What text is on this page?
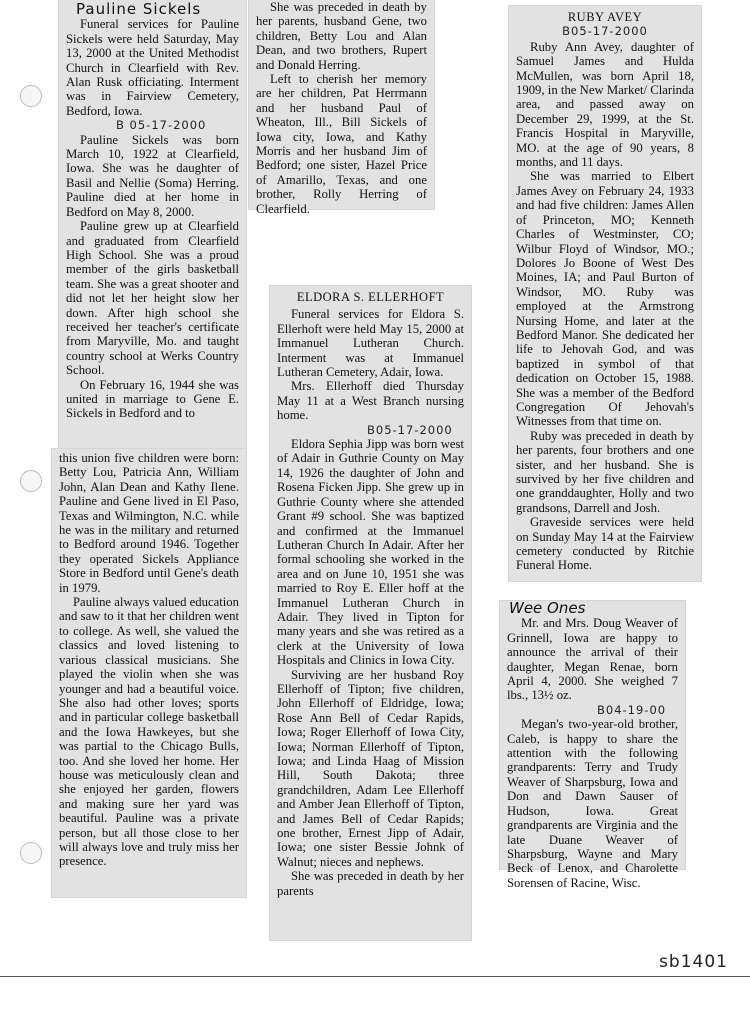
Pauline Sickels

Funeral services for Pauline Sickels were held Saturday, May 13, 2000 at the United Methodist Church in Clearfield with Rev. Alan Rusk officiating. Interment was in Fairview Cemetery, Bedford, Iowa.

B 05-17-2000

Pauline Sickels was born March 10, 1922 at Clearfield, Iowa. She was he daughter of Basil and Nellie (Soma) Herring. Pauline died at her home in Bedford on May 8, 2000.

Pauline grew up at Clearfield and graduated from Clearfield High School. She was a proud member of the girls basketball team. She was a great shooter and did not let her height slow her down. After high school she received her teacher's certificate from Maryville, Mo. and taught country school at Werks Country School.

On February 16, 1944 she was united in marriage to Gene E. Sickels in Bedford and to

this union five children were born: Betty Lou, Patricia Ann, William John, Alan Dean and Kathy Ilene. Pauline and Gene lived in El Paso, Texas and Wilmington, N.C. while he was in the military and returned to Bedford around 1946. Together they operated Sickels Appliance Store in Bedford until Gene's death in 1979.

Pauline always valued education and saw to it that her children went to college. As well, she valued the classics and loved listening to various classical musicians. She played the violin when she was younger and had a beautiful voice. She also had other loves; sports and in particular college basketball and the Iowa Hawkeyes, but she was partial to the Chicago Bulls, too. And she loved her home. Her house was meticulously clean and she enjoyed her garden, flowers and making sure her yard was beautiful. Pauline was a private person, but all those close to her will always love and truly miss her presence.

She was preceded in death by her parents, husband Gene, two children, Betty Lou and Alan Dean, and two brothers, Rupert and Donald Herring.

Left to cherish her memory are her children, Pat Herrmann and her husband Paul of Wheaton, Ill., Bill Sickels of Iowa city, Iowa, and Kathy Morris and her husband Jim of Bedford; one sister, Hazel Price of Amarillo, Texas, and one brother, Rolly Herring of Clearfield.

ELDORA S. ELLERHOFT

Funeral services for Eldora S. Ellerhoft were held May 15, 2000 at Immanuel Lutheran Church. Interment was at Immanuel Lutheran Cemetery, Adair, Iowa.

Mrs. Ellerhoff died Thursday May 11 at a West Branch nursing home.

B05-17-2000

Eldora Sephia Jipp was born west of Adair in Guthrie County on May 14, 1926 the daughter of John and Rosena Ficken Jipp. She grew up in Guthrie County where she attended Grant #9 school. She was baptized and confirmed at the Immanuel Lutheran Church In Adair. After her formal schooling she worked in the area and on June 10, 1951 she was married to Roy E. Eller hoff at the Immanuel Lutheran Church in Adair. They lived in Tipton for many years and she was retired as a clerk at the University of Iowa Hospitals and Clinics in Iowa City.

Surviving are her husband Roy Ellerhoff of Tipton; five children, John Ellerhoff of Eldridge, Iowa; Rose Ann Bell of Cedar Rapids, Iowa; Roger Ellerhoff of Iowa City, Iowa; Norman Ellerhoff of Tipton, Iowa; and Linda Haag of Mission Hill, South Dakota; three grandchildren, Adam Lee Ellerhoff and Amber Jean Ellerhoff of Tipton, and James Bell of Cedar Rapids; one brother, Ernest Jipp of Adair, Iowa; one sister Bessie Johnk of Walnut; nieces and nephews.

She was preceded in death by her parents

RUBY AVEY

B05-17-2000

Ruby Ann Avey, daughter of Samuel James and Hulda McMullen, was born April 18, 1909, in the New Market/ Clarinda area, and passed away on December 29, 1999, at the St. Francis Hospital in Maryville, MO. at the age of 90 years, 8 months, and 11 days.

She was married to Elbert James Avey on February 24, 1933 and had five children: James Allen of Princeton, MO; Kenneth Charles of Westminster, CO; Wilbur Floyd of Windsor, MO.; Dolores Jo Boone of West Des Moines, IA; and Paul Burton of Windsor, MO. Ruby was employed at the Armstrong Nursing Home, and later at the Bedford Manor. She dedicated her life to Jehovah God, and was baptized in symbol of that dedication on October 15, 1988. She was a member of the Bedford Congregation Of Jehovah's Witnesses from that time on.

Ruby was preceded in death by her parents, four brothers and one sister, and her husband. She is survived by her five children and one granddaughter, Holly and two grandsons, Darrell and Josh.

Graveside services were held on Sunday May 14 at the Fairview cemetery conducted by Ritchie Funeral Home.

Wee Ones

Mr. and Mrs. Doug Weaver of Grinnell, Iowa are happy to announce the arrival of their daughter, Megan Renae, born April 4, 2000. She weighed 7 lbs., 13½ oz.

B04-19-00

Megan's two-year-old brother, Caleb, is happy to share the attention with the following grandparents: Terry and Trudy Weaver of Sharpsburg, Iowa and Don and Dawn Sauser of Hudson, Iowa. Great grandparents are Virginia and the late Duane Weaver of Sharpsburg, Wayne and Mary Beck of Lenox, and Charolette Sorensen of Racine, Wisc.

sb1401
